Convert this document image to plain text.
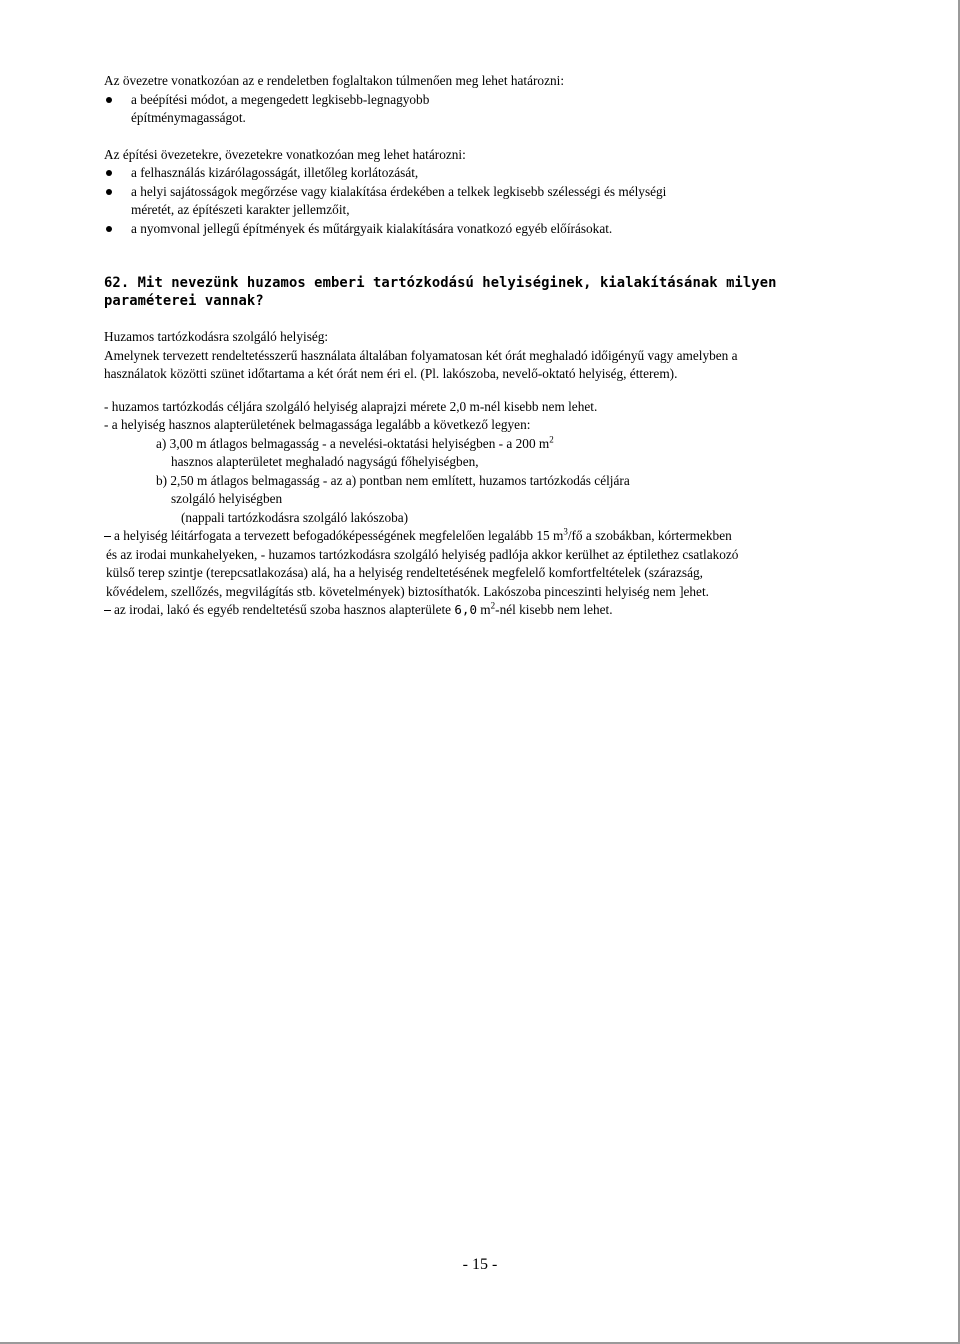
Az övezetre vonatkozóan az e rendeletben foglaltakon túlmenően meg lehet határozni:

a beépítési módot, a megengedett legkisebb-legnagyobb
építménymagasságot.

Az építési övezetekre, övezetekre vonatkozóan meg lehet határozni:

a felhasználás kizárólagosságát, illetőleg korlátozását,
a helyi sajátosságok megőrzése vagy kialakítása érdekében a telkek legkisebb szélességi és mélységi
méretét, az építészeti karakter jellemzőit,
a nyomvonal jellegű építmények és műtárgyaik kialakítására vonatkozó egyéb előírásokat.

62. Mit nevezünk huzamos emberi tartózkodású helyiséginek, kialakításának milyen
paraméterei vannak?

Huzamos tartózkodásra szolgáló helyiség:

Amelynek tervezett rendeltetésszerű használata általában folyamatosan két órát meghaladó időigényű vagy amelyben a

használatok közötti szünet időtartama a két órát nem éri el. (Pl. lakószoba, nevelő-oktató helyiség, étterem).

- huzamos tartózkodás céljára szolgáló helyiség alaprajzi mérete 2,0 m-nél kisebb nem lehet.

- a helyiség hasznos alapterületének belmagassága legalább a következő legyen:

a) 3,00 m átlagos belmagasság - a nevelési-oktatási helyiségben - a 200 $m^2$

hasznos alapterületet meghaladó nagyságú főhelyiségben,

b) 2,50 m átlagos belmagasság - az a) pontban nem említett, huzamos tartózkodás céljára

szolgáló helyiségben

(nappali tartózkodásra szolgáló lakószoba)

a helyiség léitárfogata a tervezett befogadóképességének megfelelően legalább 15 $m^3/fő$ a szobákban, kórtermekben

és az irodai munkahelyeken, - huzamos tartózkodásra szolgáló helyiség padlója akkor kerülhet az éptilethez csatlakozó

külső terep szintje (terepcsatlakozása) alá, ha a helyiség rendeltetésének megfelelő komfortfeltételek (szárazság,

kővédelem, szellőzés, megvilágítás stb. követelmények) biztosíthatók. Lakószoba pinceszinti helyiség nem ]ehet.

az irodai, lakó és egyéb rendeltetésű szoba hasznos alapterülete 6,0 $m^2$-nél kisebb nem lehet.

- 15 -
